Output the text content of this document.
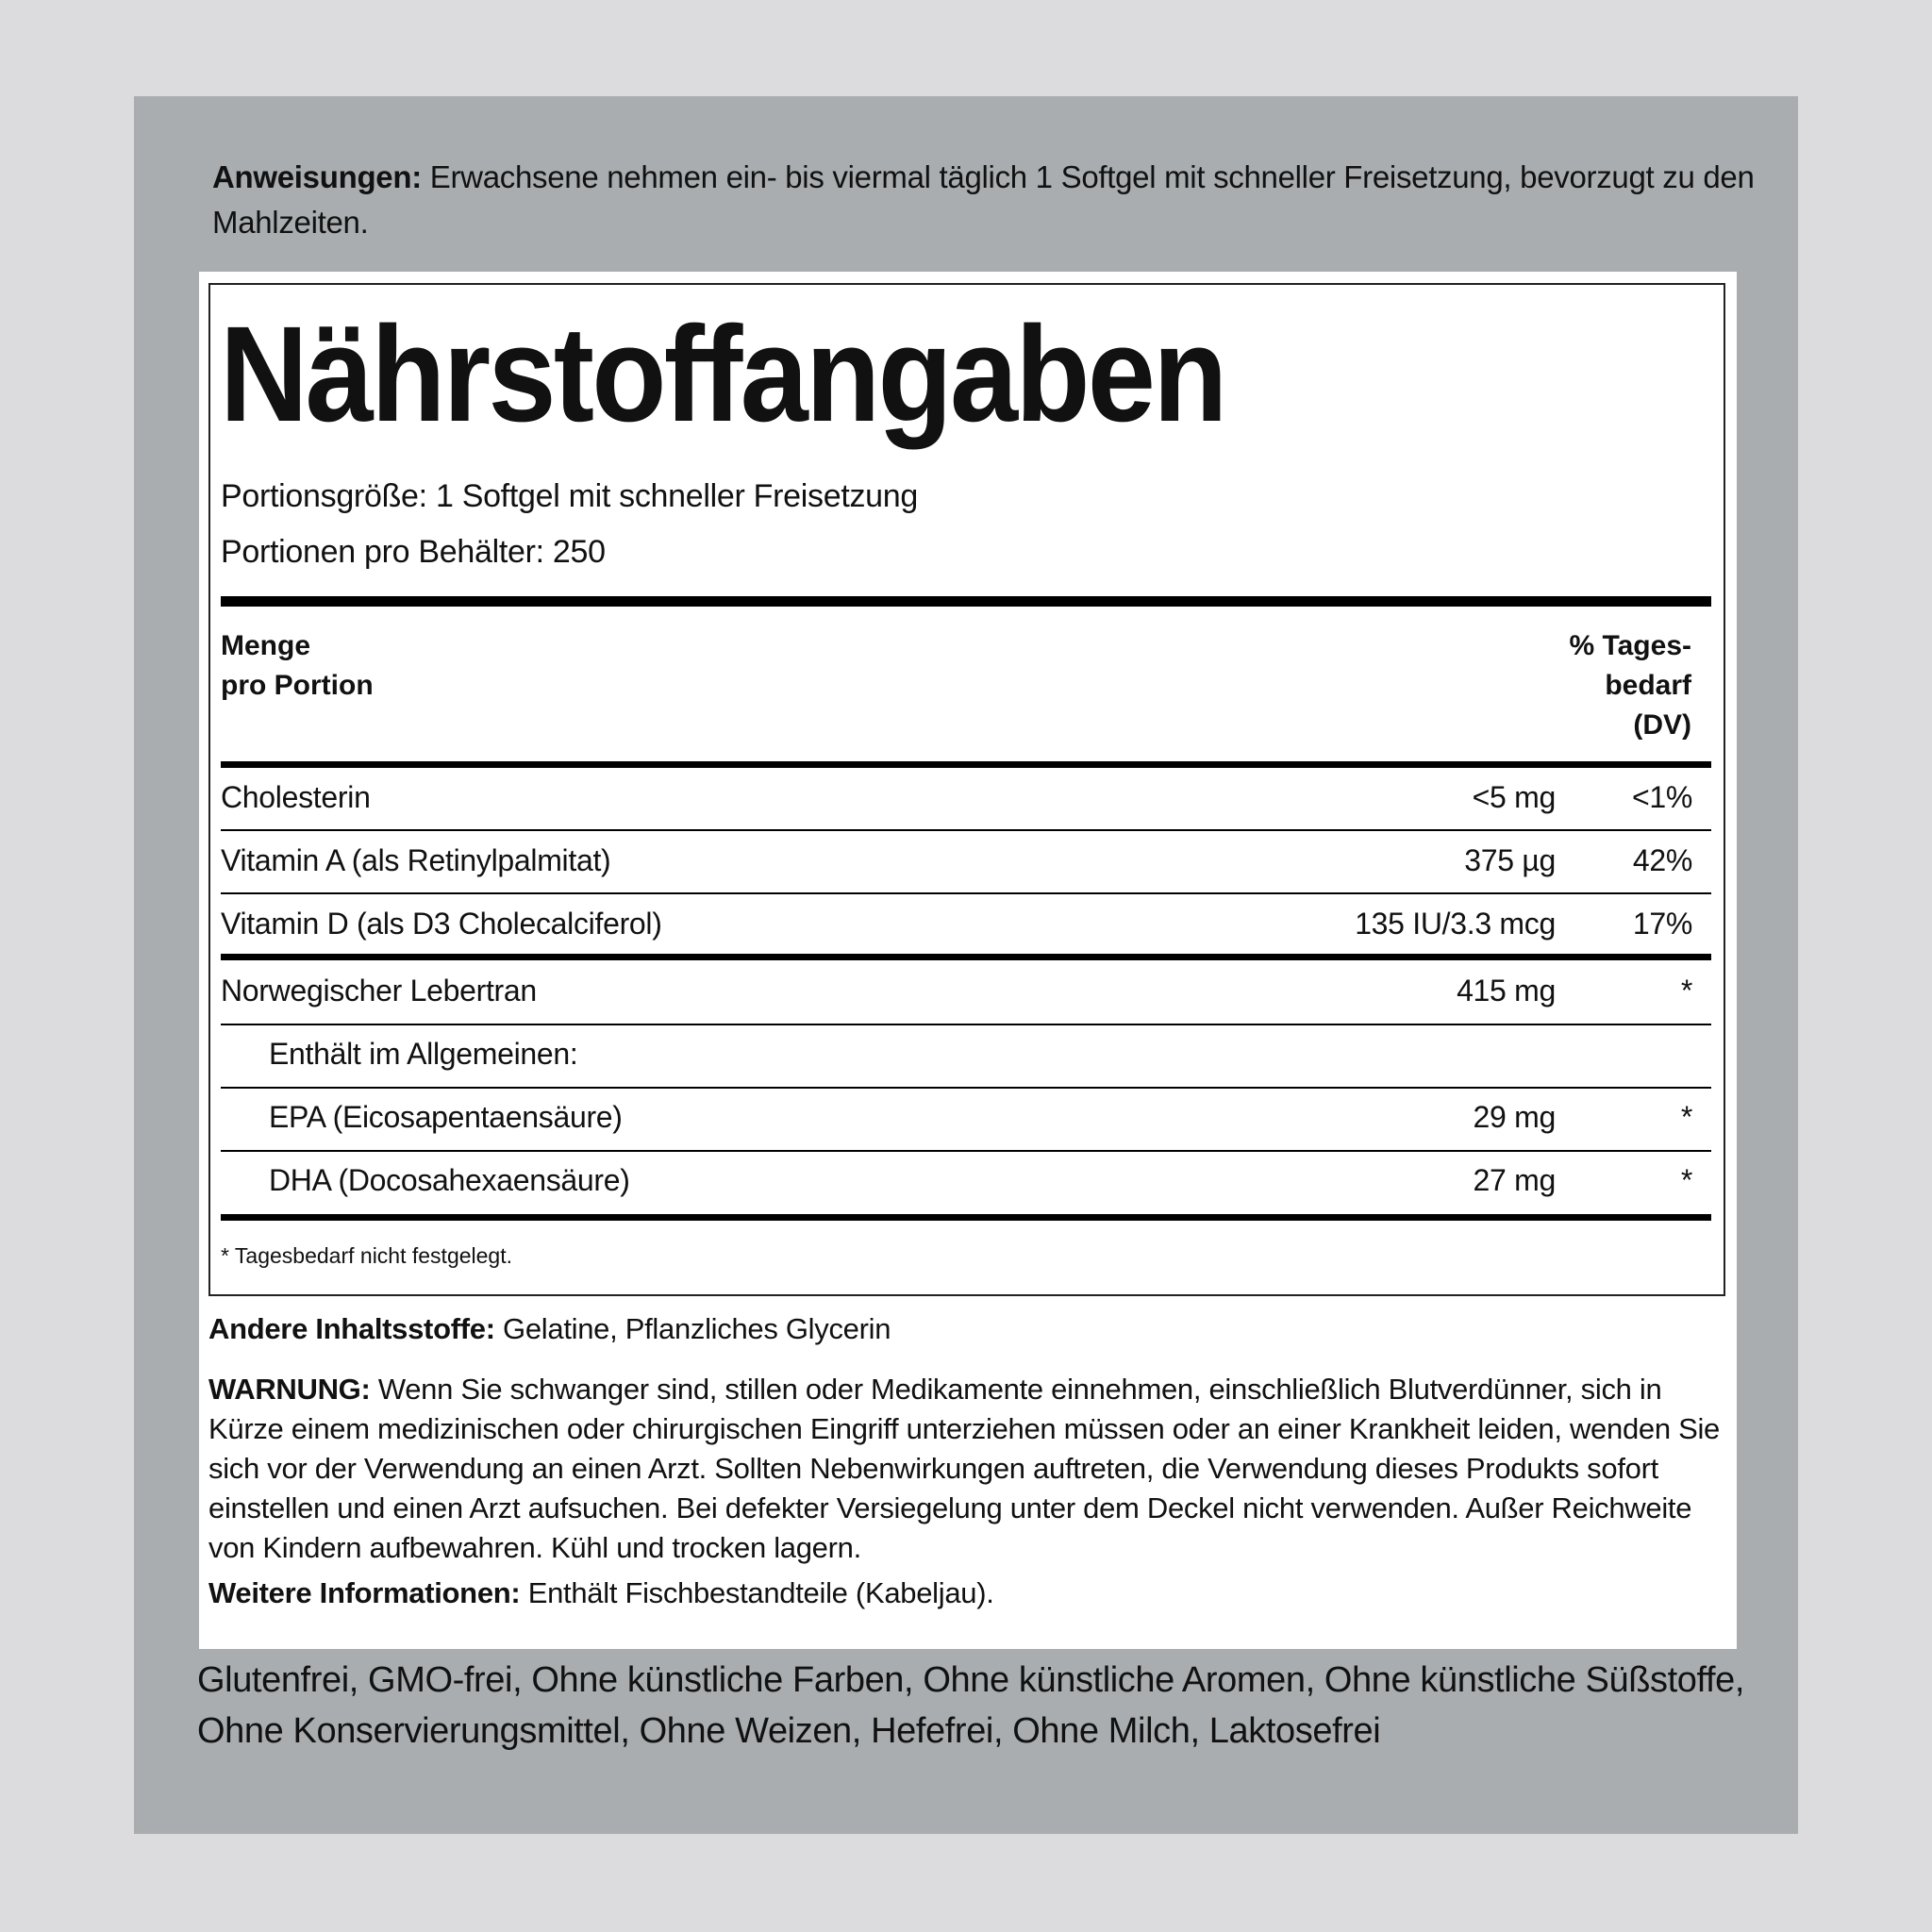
Anweisungen: Erwachsene nehmen ein- bis viermal täglich 1 Softgel mit schneller Freisetzung, bevorzugt zu den Mahlzeiten.

Nährstoffangaben
Portionsgröße: 1 Softgel mit schneller Freisetzung
Portionen pro Behälter: 250
Menge
pro Portion
% Tages-
bedarf
(DV)
Cholesterin	<5 mg	<1%
Vitamin A (als Retinylpalmitat)	375 µg	42%
Vitamin D (als D3 Cholecalciferol)	135 IU/3.3 mcg	17%
Norwegischer Lebertran	415 mg	*
Enthält im Allgemeinen:
EPA (Eicosapentaensäure)	29 mg	*
DHA (Docosahexaensäure)	27 mg	*
* Tagesbedarf nicht festgelegt.

Andere Inhaltsstoffe: Gelatine, Pflanzliches Glycerin

WARNUNG: Wenn Sie schwanger sind, stillen oder Medikamente einnehmen, einschließlich Blutverdünner, sich in Kürze einem medizinischen oder chirurgischen Eingriff unterziehen müssen oder an einer Krankheit leiden, wenden Sie sich vor der Verwendung an einen Arzt. Sollten Nebenwirkungen auftreten, die Verwendung dieses Produkts sofort einstellen und einen Arzt aufsuchen. Bei defekter Versiegelung unter dem Deckel nicht verwenden. Außer Reichweite von Kindern aufbewahren. Kühl und trocken lagern.

Weitere Informationen: Enthält Fischbestandteile (Kabeljau).

Glutenfrei, GMO-frei, Ohne künstliche Farben, Ohne künstliche Aromen, Ohne künstliche Süßstoffe, Ohne Konservierungsmittel, Ohne Weizen, Hefefrei, Ohne Milch, Laktosefrei
